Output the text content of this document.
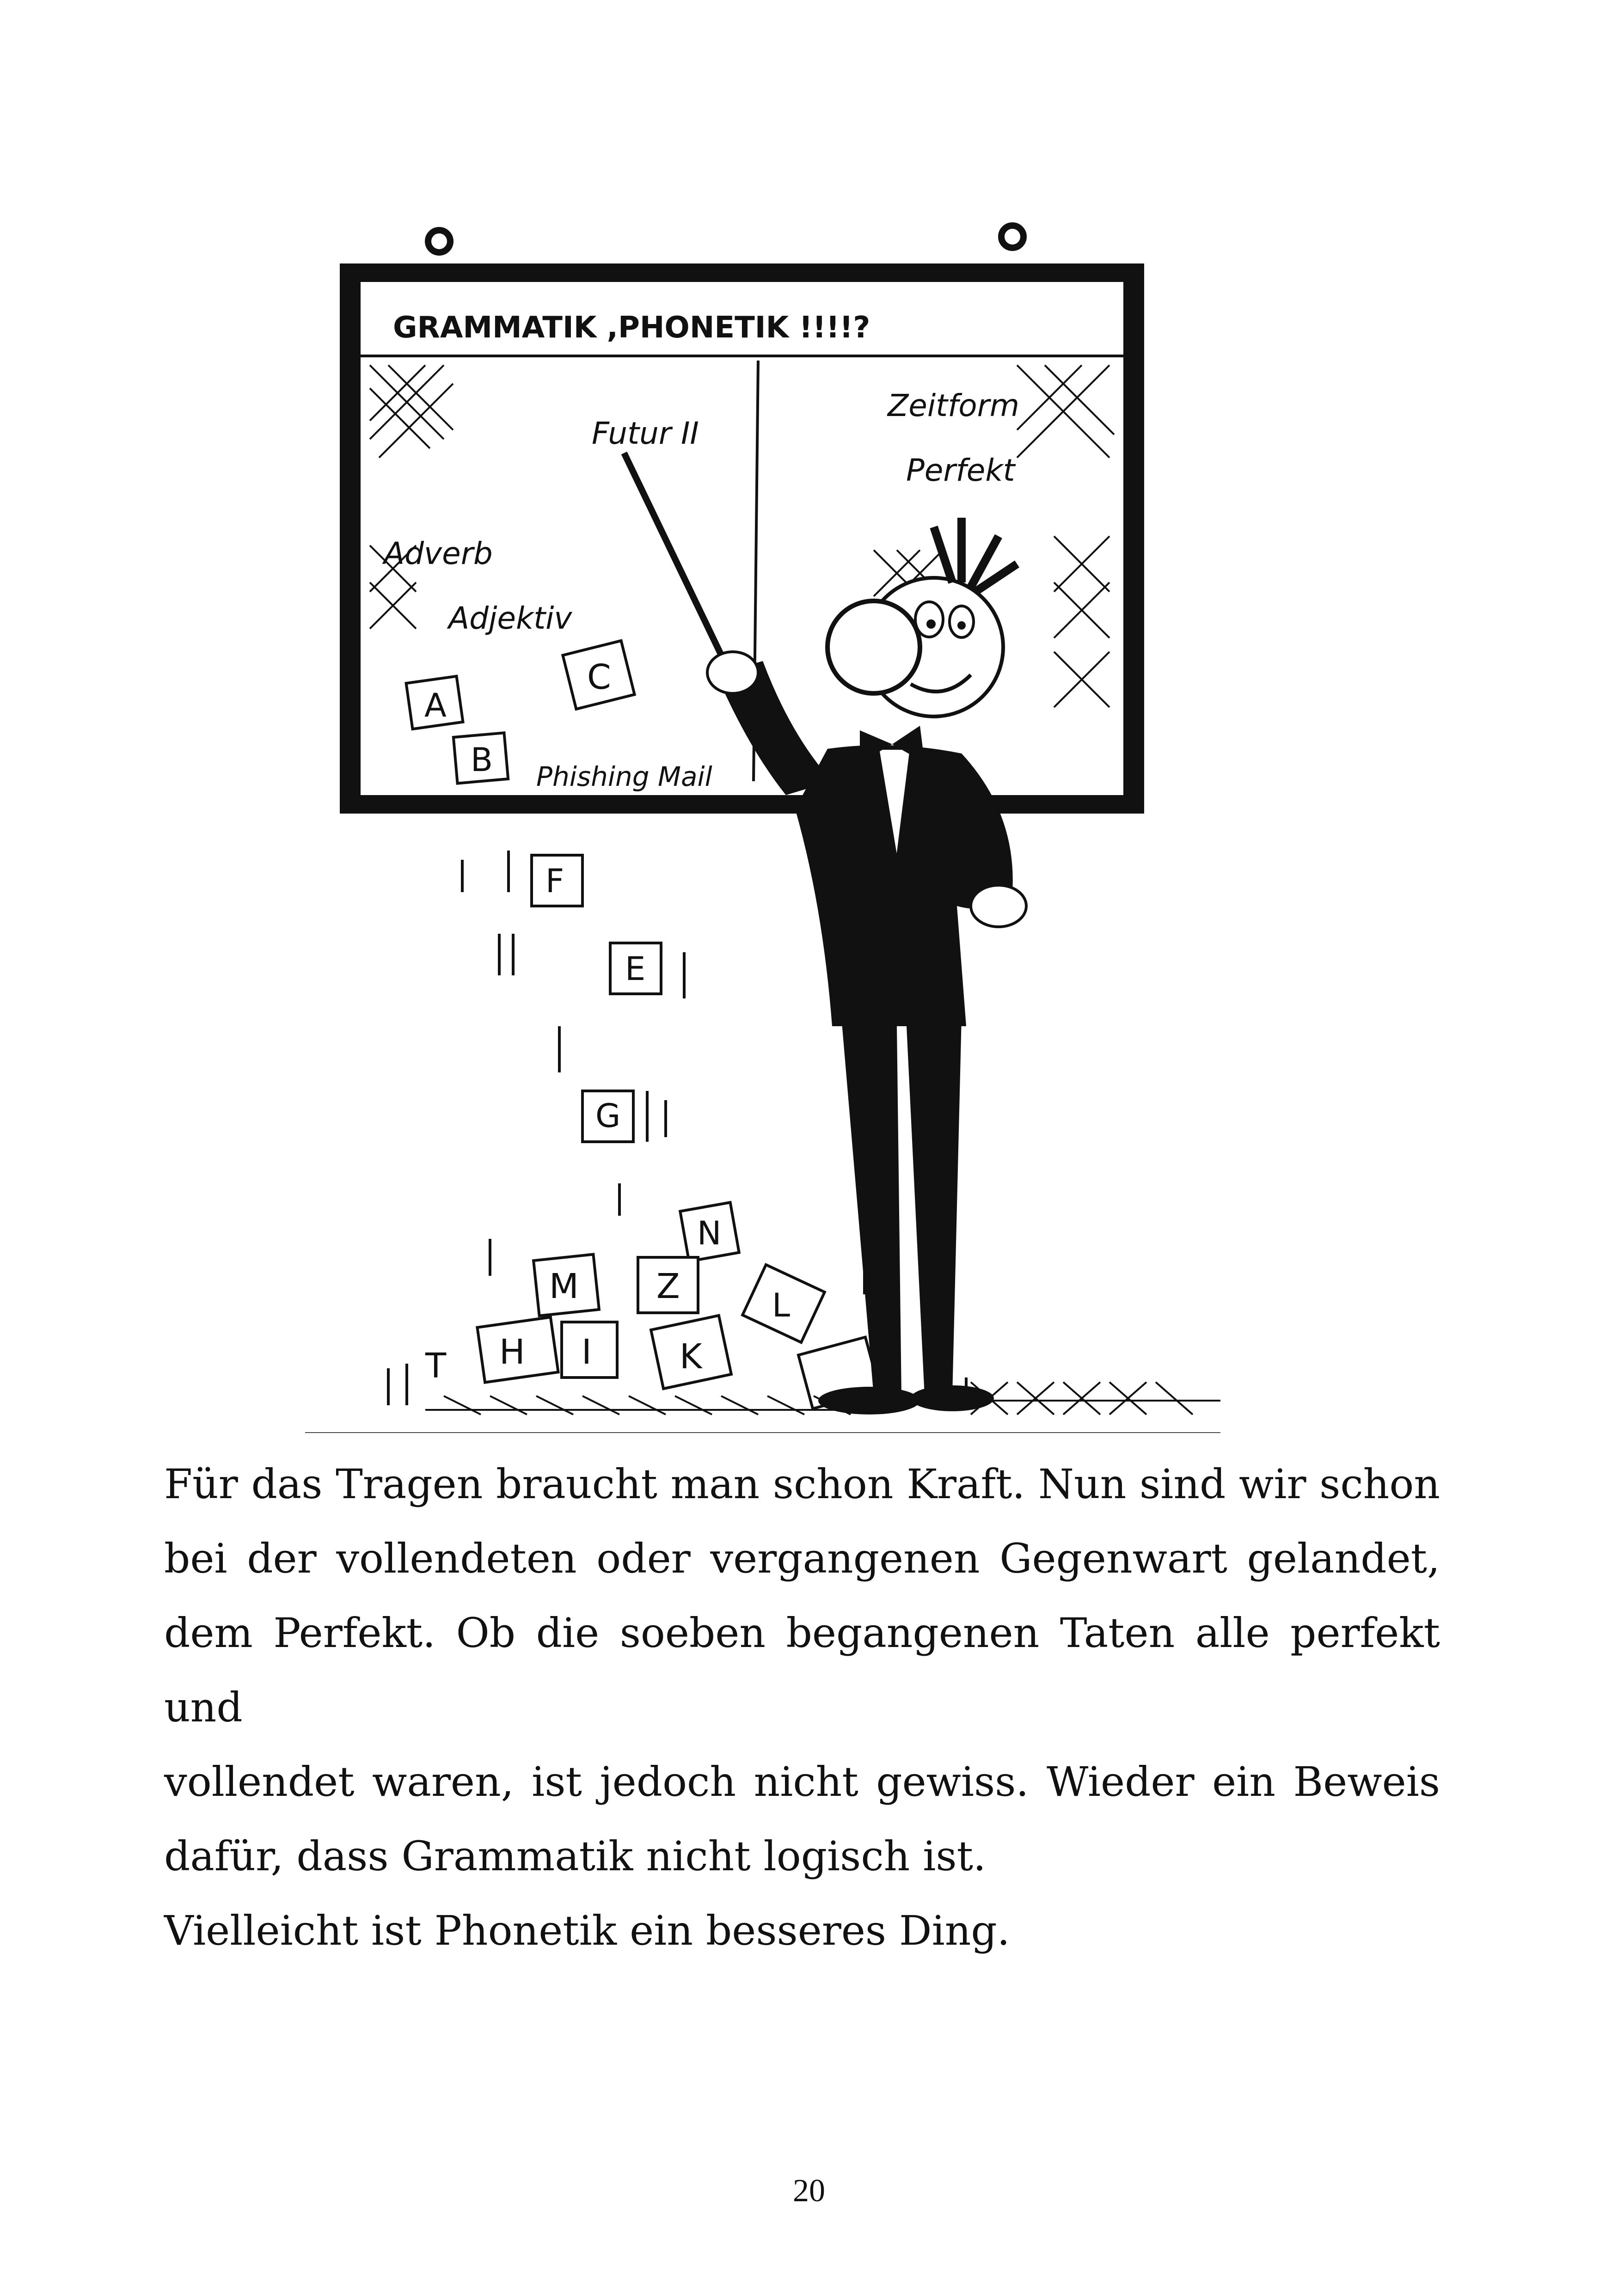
GRAMMATIK ,PHONETIK !!!!?
Futur II
Zeitform
Perfekt
Adverb
Adjektiv
Phishing Mail
A
B
C
F
E
G
N
M Z	L
H I	K
T

Für das Tragen braucht man schon Kraft. Nun sind wir schon
bei der vollendeten oder vergangenen Gegenwart gelandet,
dem Perfekt. Ob die soeben begangenen Taten alle perfekt und
vollendet waren, ist jedoch nicht gewiss. Wieder ein Beweis
dafür, dass Grammatik nicht logisch ist.

Vielleicht ist Phonetik ein besseres Ding.

20
